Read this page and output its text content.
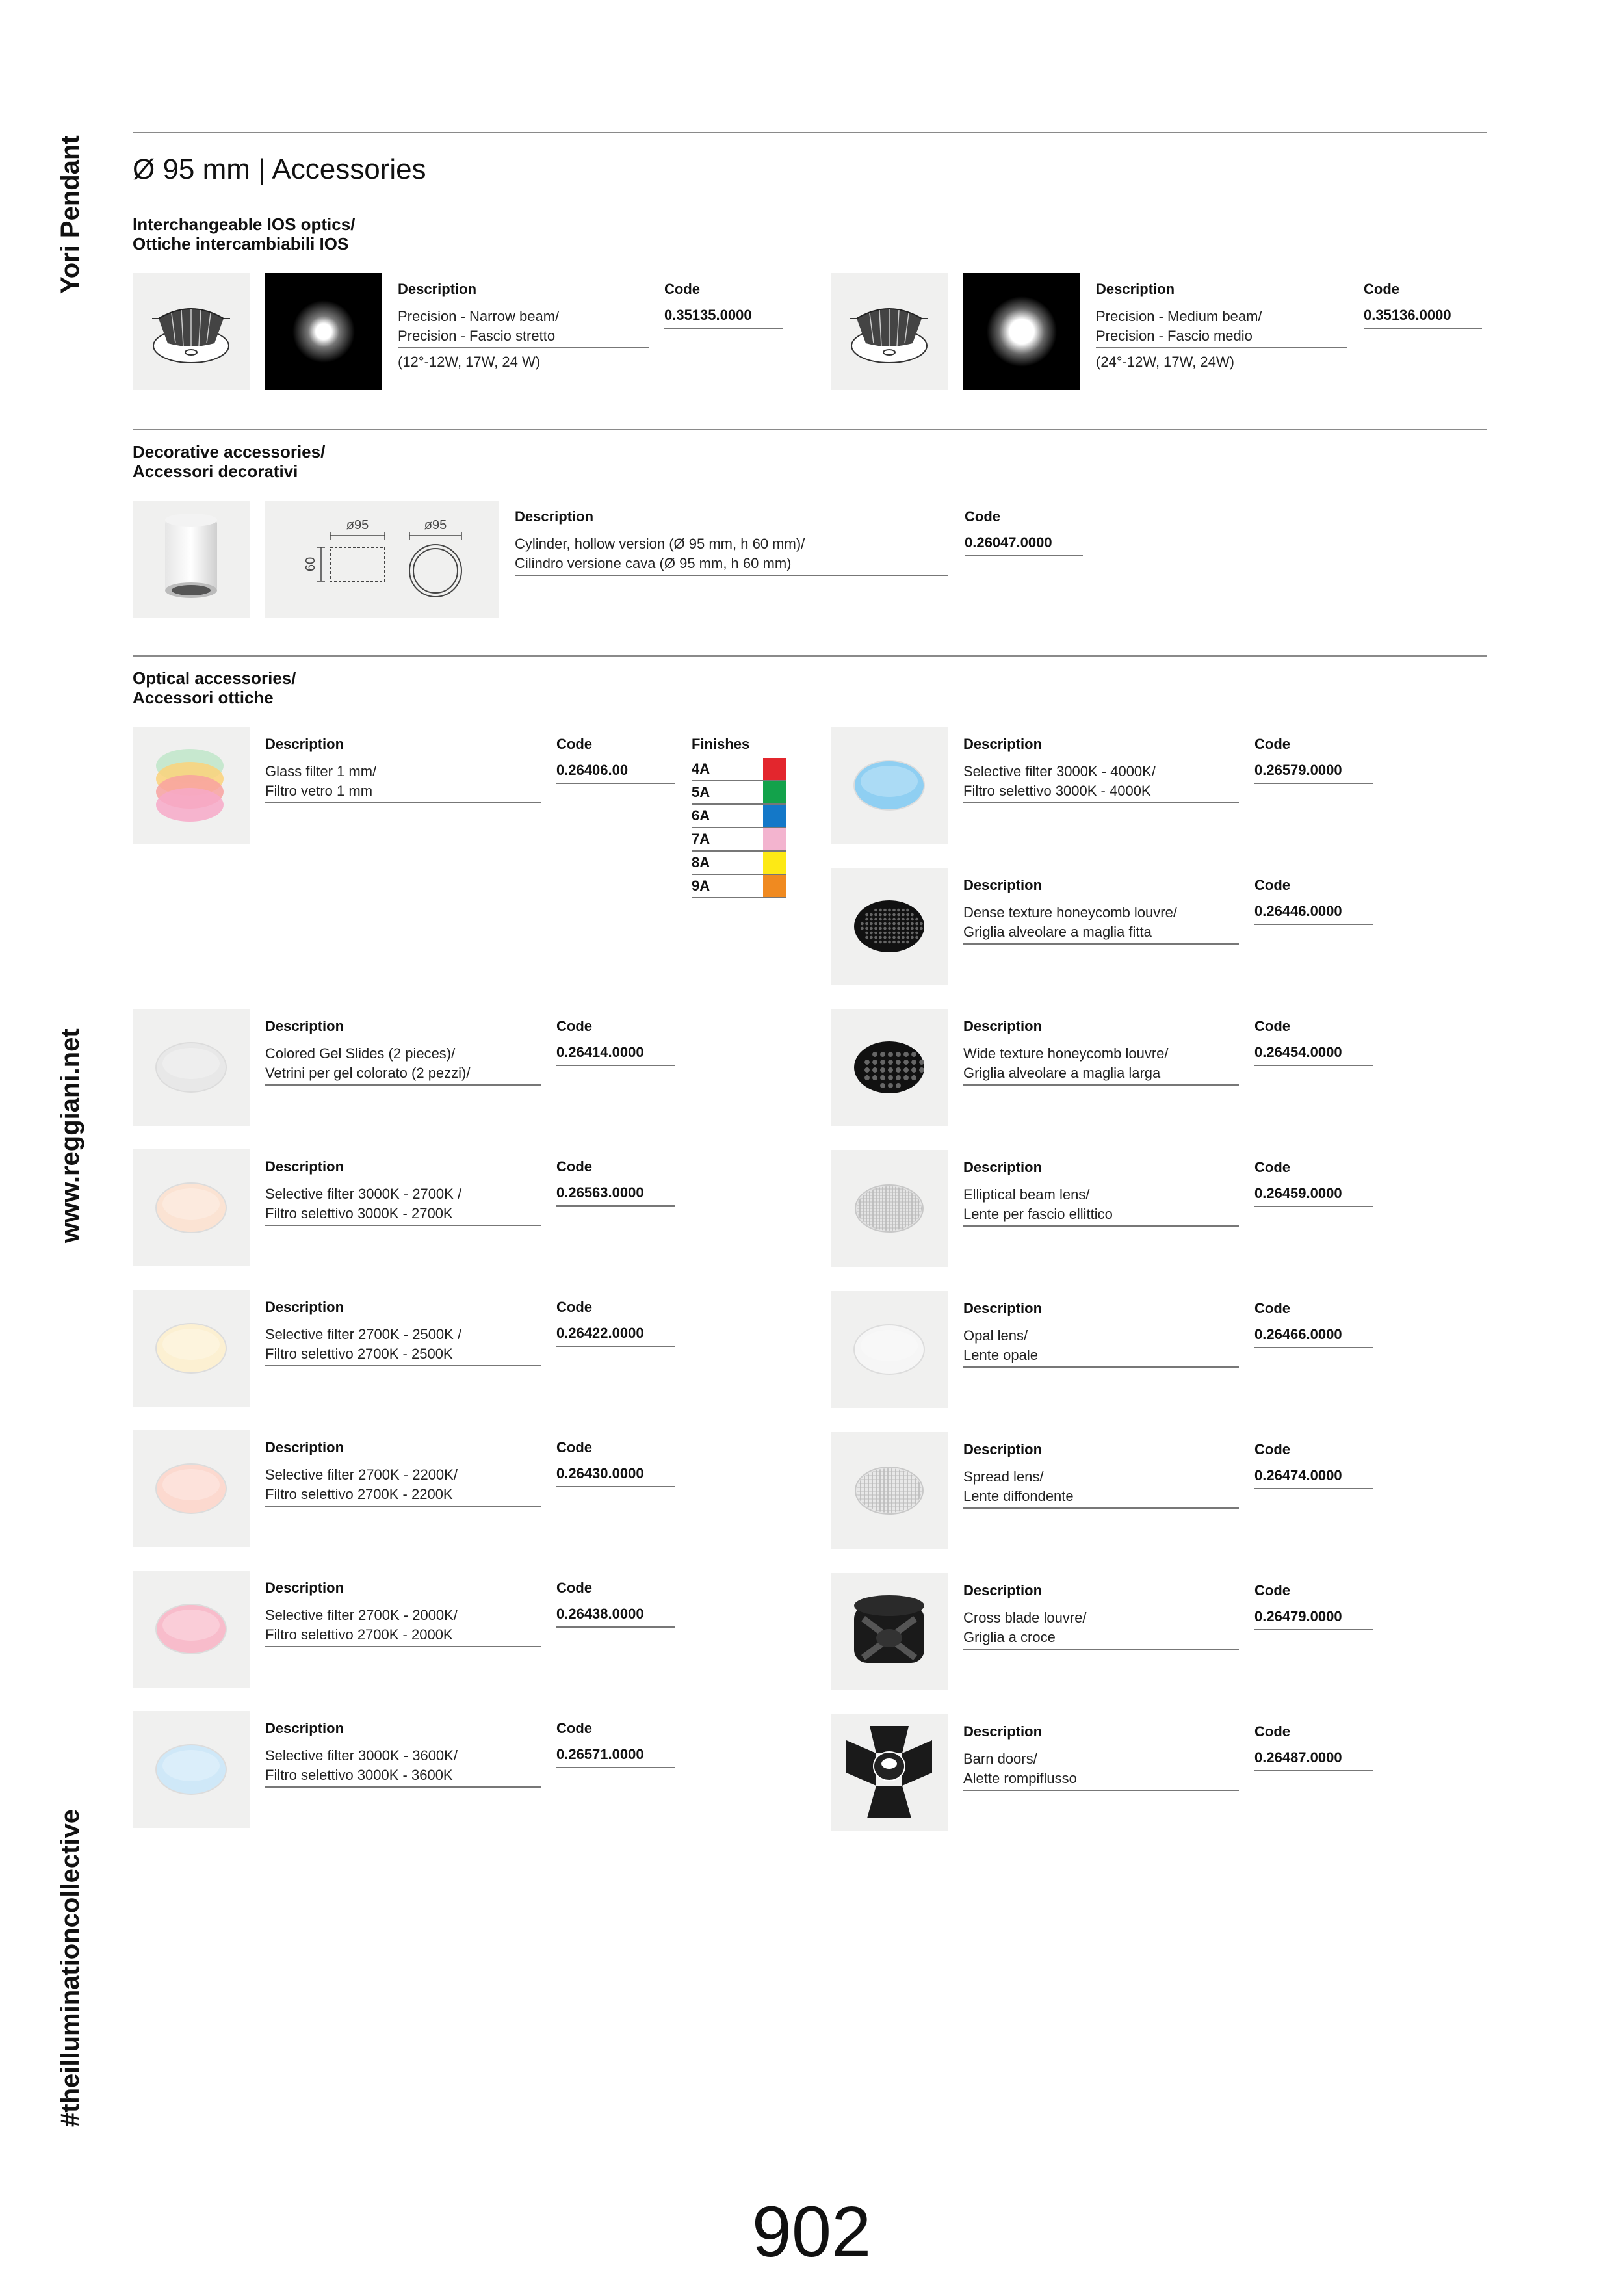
Yori Pendant
www.reggiani.net
#theilluminationcollective
Ø 95 mm | Accessories
Interchangeable IOS optics/
Ottiche intercambiabili IOS
Description
Precision - Narrow beam/
Precision - Fascio stretto
(12°-12W, 17W, 24 W)
Code
0.35135.0000
Description
Precision - Medium beam/
Precision - Fascio medio
(24°-12W, 17W, 24W)
Code
0.35136.0000
Decorative accessories/
Accessori decorativi
ø95	ø95
60
Description
Cylinder, hollow version (Ø 95 mm, h 60 mm)/
Cilindro versione cava (Ø 95 mm, h 60 mm)
Code
0.26047.0000
Optical accessories/
Accessori ottiche
Description
Glass filter 1 mm/
Filtro vetro 1 mm
Code
0.26406.00
Finishes
4A
5A
6A
7A
8A
9A
Description
Colored Gel Slides (2 pieces)/
Vetrini per gel colorato (2 pezzi)/
Code
0.26414.0000
Description
Selective filter 3000K - 2700K /
Filtro selettivo 3000K - 2700K
Code
0.26563.0000
Description
Selective filter 2700K - 2500K /
Filtro selettivo 2700K - 2500K
Code
0.26422.0000
Description
Selective filter 2700K - 2200K/
Filtro selettivo 2700K - 2200K
Code
0.26430.0000
Description
Selective filter 2700K - 2000K/
Filtro selettivo 2700K - 2000K
Code
0.26438.0000
Description
Selective filter 3000K - 3600K/
Filtro selettivo 3000K - 3600K
Code
0.26571.0000
Description
Selective filter 3000K - 4000K/
Filtro selettivo 3000K - 4000K
Code
0.26579.0000
Description
Dense texture honeycomb louvre/
Griglia alveolare a maglia fitta
Code
0.26446.0000
Description
Wide texture honeycomb louvre/
Griglia alveolare a maglia larga
Code
0.26454.0000
Description
Elliptical beam lens/
Lente per fascio ellittico
Code
0.26459.0000
Description
Opal lens/
Lente opale
Code
0.26466.0000
Description
Spread lens/
Lente diffondente
Code
0.26474.0000
Description
Cross blade louvre/
Griglia a croce
Code
0.26479.0000
Description
Barn doors/
Alette rompiflusso
Code
0.26487.0000
902
